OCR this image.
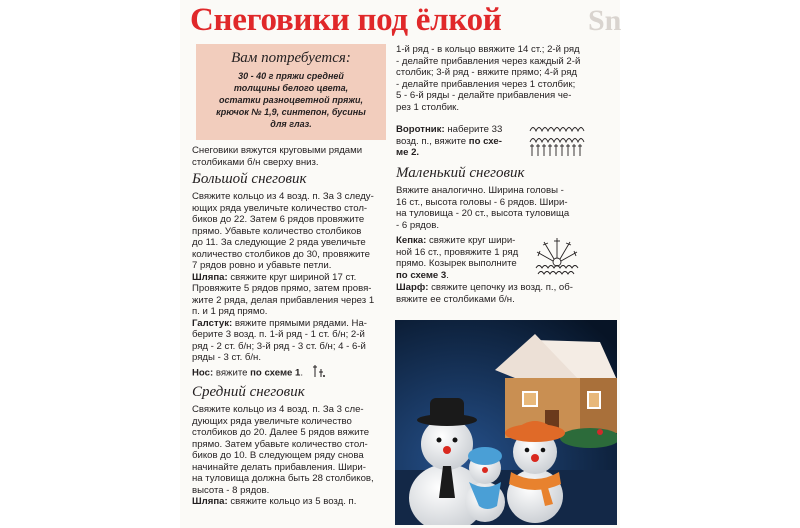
Sn
Снеговики под ёлкой
Вам потребуется:
30 - 40 г пряжи средней
толщины белого цвета,
остатки разноцветной пряжи,
крючок № 1,9, синтепон, бусины
для глаз.

Снеговики вяжутся круговыми рядами

столбиками б/н сверху вниз.

Большой снеговик

Свяжите кольцо из 4 возд. п. За 3 следу-

ющих ряда увеличьте количество стол-

биков до 22. Затем 6 рядов провяжите

прямо. Убавьте количество столбиков

до 11. За следующие 2 ряда увеличьте

количество столбиков до 30, провяжите

7 рядов ровно и убавьте петли.

Шляпа: свяжите круг шириной 17 ст.

Провяжите 5 рядов прямо, затем провя-

жите 2 ряда, делая прибавления через 1

п. и 1 ряд прямо.

Галстук: вяжите прямыми рядами. На-

берите 3 возд. п. 1-й ряд - 1 ст. б/н; 2-й

ряд - 2 ст. б/н; 3-й ряд - 3 ст. б/н; 4 - 6-й

ряды - 3 ст. б/н.

Нос: вяжите по схеме 1.

Средний снеговик

Свяжите кольцо из 4 возд. п. За 3 сле-

дующих ряда увеличьте количество

столбиков до 20. Далее 5 рядов вяжите

прямо. Затем убавьте количество стол-

биков до 10. В следующем ряду снова

начинайте делать прибавления. Шири-

на туловища должна быть 28 столбиков,

высота - 8 рядов.

Шляпа: свяжите кольцо из 5 возд. п.

1-й ряд - в кольцо ввяжите 14 ст.; 2-й ряд

- делайте прибавления через каждый 2-й

столбик; 3-й ряд - вяжите прямо; 4-й ряд

- делайте прибавления через 1 столбик;

5 - 6-й ряды - делайте прибавления че-

рез 1 столбик.

Воротник: наберите 33

возд. п., вяжите по схе-

ме 2.

Маленький снеговик

Вяжите аналогично. Ширина головы -

16 ст., высота головы - 6 рядов. Шири-

на туловища - 20 ст., высота туловища

- 6 рядов.

Кепка: свяжите круг шири-

ной 16 ст., провяжите 1 ряд

прямо. Козырек выполните

по схеме 3.

Шарф: свяжите цепочку из возд. п., об-

вяжите ее столбиками б/н.
